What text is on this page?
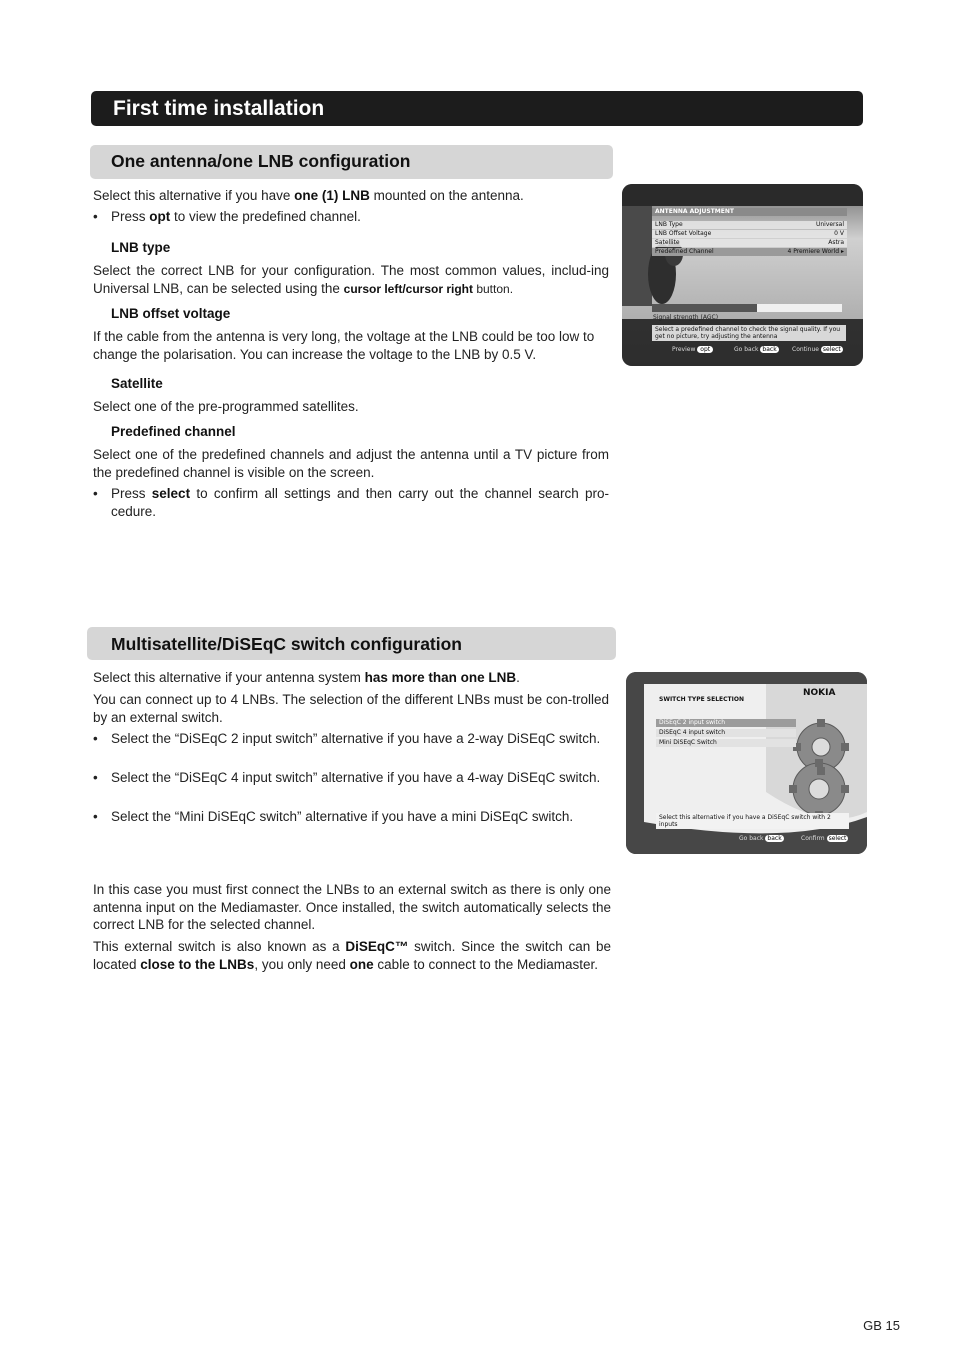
First time installation
One antenna/one LNB configuration
Select this alternative if you have one (1) LNB mounted on the antenna.
• Press opt to view the predefined channel.
LNB type
Select the correct LNB for your configuration. The most common values, includ-ing Universal LNB, can be selected using the cursor left/cursor right button.
LNB offset voltage
If the cable from the antenna is very long, the voltage at the LNB could be too low to change the polarisation. You can increase the voltage to the LNB by 0.5 V.
Satellite
Select one of the pre-programmed satellites.
Predefined channel
Select one of the predefined channels and adjust the antenna until a TV picture from the predefined channel is visible on the screen.
• Press select to confirm all settings and then carry out the channel search pro-cedure.
ANTENNA ADJUSTMENT
LNB Type	Universal
LNB Offset Voltage	0 V
Satellite	Astra
Predefined Channel	4 Premiere World ▸
Signal strength (AGC)
Select a predefined channel to check the signal quality. If you get no picture, try adjusting the antenna
Preview opt	Go back back	Continue select
Multisatellite/DiSEqC switch configuration
Select this alternative if your antenna system has more than one LNB.
You can connect up to 4 LNBs. The selection of the different LNBs must be con-trolled by an external switch.
• Select the “DiSEqC 2 input switch” alternative if you have a 2-way DiSEqC switch.
• Select the “DiSEqC 4 input switch” alternative if you have a 4-way DiSEqC switch.
• Select the “Mini DiSEqC switch” alternative if you have a mini DiSEqC switch.
In this case you must first connect the LNBs to an external switch as there is only one antenna input on the Mediamaster. Once installed, the switch automatically selects the correct LNB for the selected channel.
This external switch is also known as a DiSEqC™ switch. Since the switch can be located close to the LNBs, you only need one cable to connect to the Mediamaster.
SWITCH TYPE SELECTION
NOKIA
DiSEqC 2 input switch
DiSEqC 4 input switch
Mini DiSEqC Switch
Select this alternative if you have a DiSEqC switch with 2 inputs
Go back back	Confirm select
GB 15
